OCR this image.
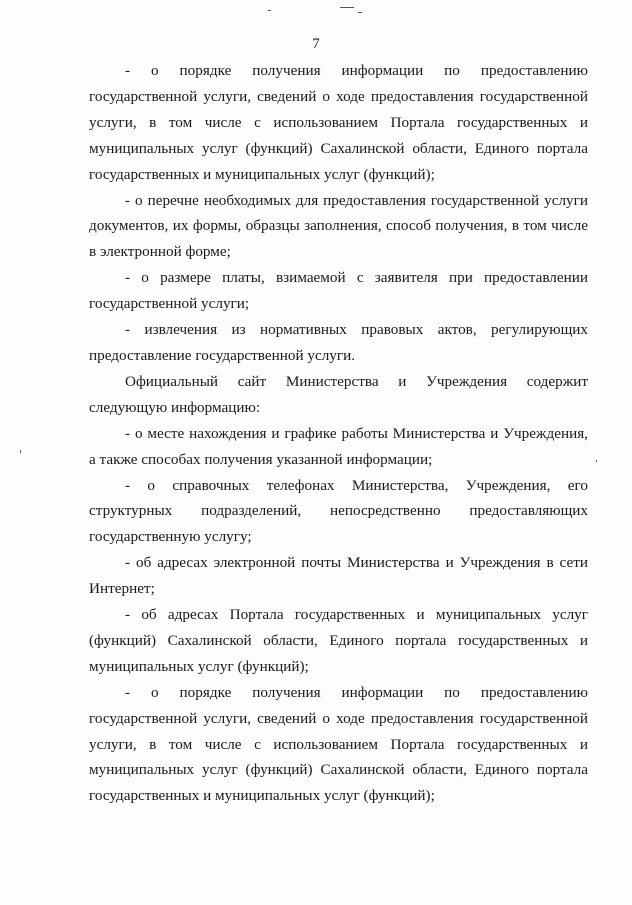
7

- о порядке получения информации по предоставлению государственной услуги, сведений о ходе предоставления государственной услуги, в том числе с использованием Портала государственных и муниципальных услуг (функций) Сахалинской области, Единого портала государственных и муниципальных услуг (функций);

- о перечне необходимых для предоставления государственной услуги документов, их формы, образцы заполнения, способ получения, в том числе в электронной форме;

- о размере платы, взимаемой с заявителя при предоставлении государственной услуги;

- извлечения из нормативных правовых актов, регулирующих предоставление государственной услуги.

Официальный сайт Министерства и Учреждения содержит следующую информацию:

- о месте нахождения и графике работы Министерства и Учреждения, а также способах получения указанной информации;

- о справочных телефонах Министерства, Учреждения, его структурных подразделений, непосредственно предоставляющих государственную услугу;

- об адресах электронной почты Министерства и Учреждения в сети Интернет;

- об адресах Портала государственных и муниципальных услуг (функций) Сахалинской области, Единого портала государственных и муниципальных услуг (функций);

- о порядке получения информации по предоставлению государственной услуги, сведений о ходе предоставления государственной услуги, в том числе с использованием Портала государственных и муниципальных услуг (функций) Сахалинской области, Единого портала государственных и муниципальных услуг (функций);
